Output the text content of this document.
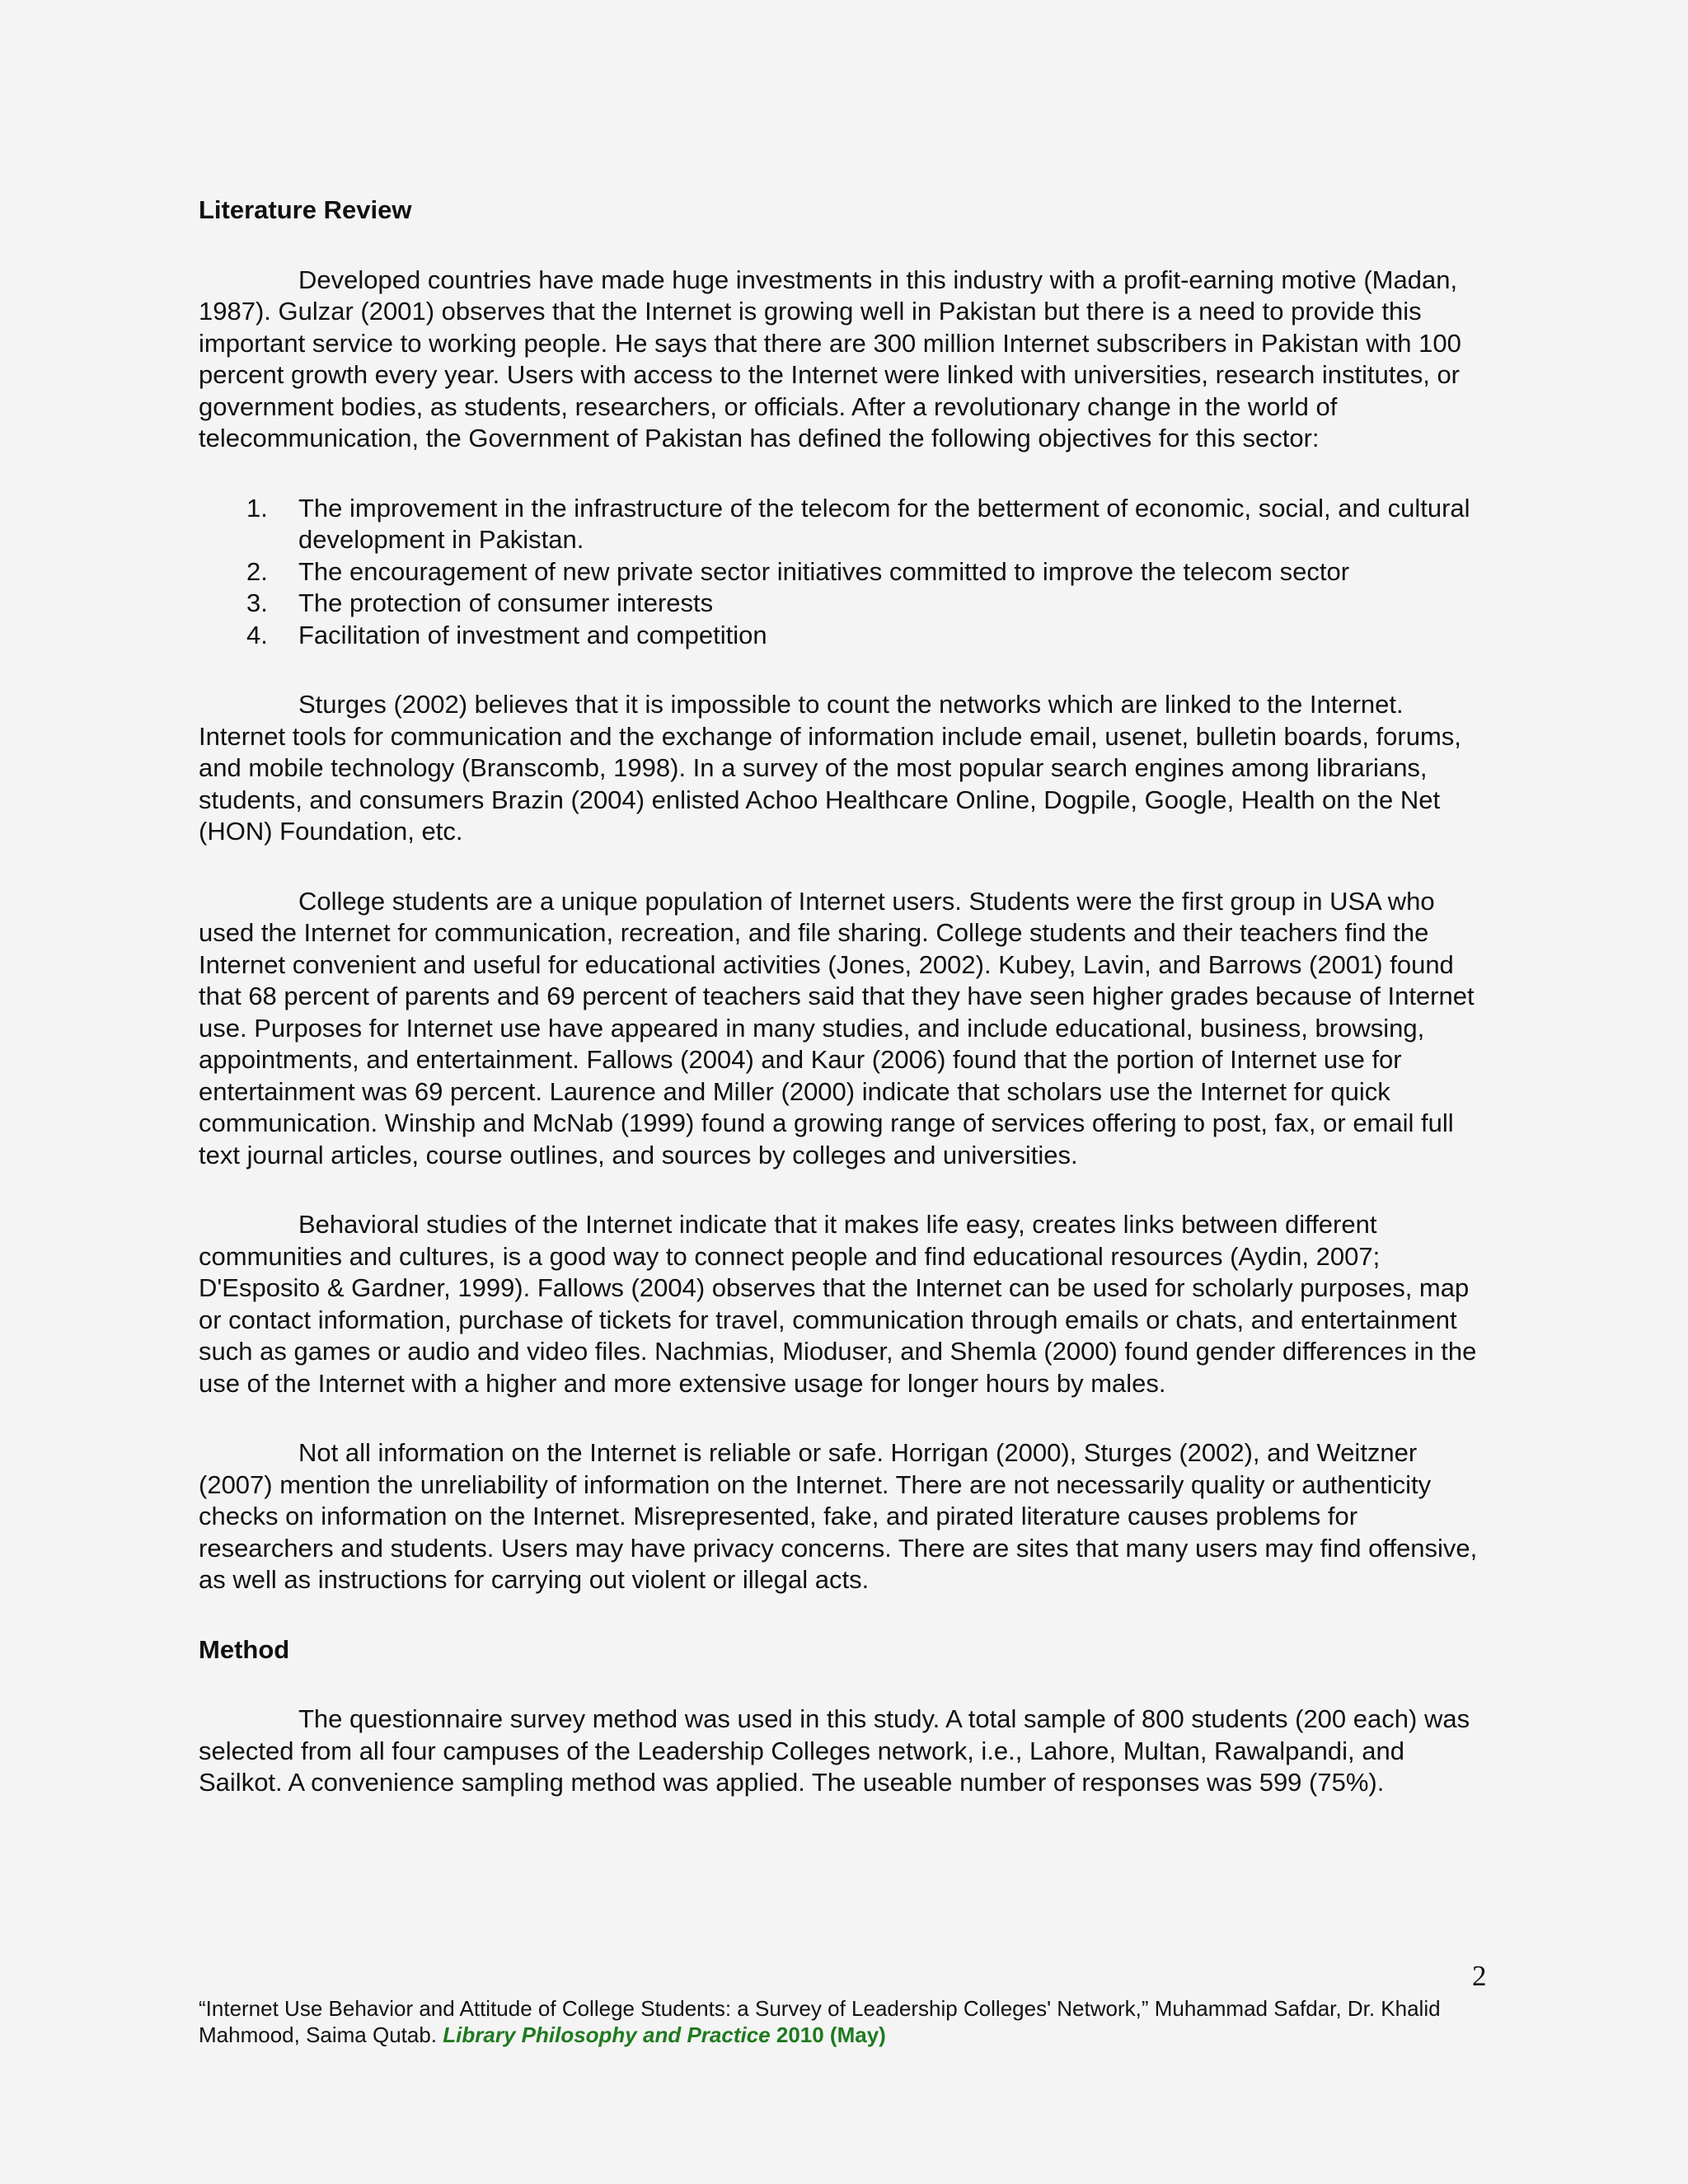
Literature Review

Developed countries have made huge investments in this industry with a profit-earning motive (Madan, 1987). Gulzar (2001) observes that the Internet is growing well in Pakistan but there is a need to provide this important service to working people. He says that there are 300 million Internet subscribers in Pakistan with 100 percent growth every year. Users with access to the Internet were linked with universities, research institutes, or government bodies, as students, researchers, or officials. After a revolutionary change in the world of telecommunication, the Government of Pakistan has defined the following objectives for this sector:

1. The improvement in the infrastructure of the telecom for the betterment of economic, social, and cultural development in Pakistan.
2. The encouragement of new private sector initiatives committed to improve the telecom sector
3. The protection of consumer interests
4. Facilitation of investment and competition

Sturges (2002) believes that it is impossible to count the networks which are linked to the Internet. Internet tools for communication and the exchange of information include email, usenet, bulletin boards, forums, and mobile technology (Branscomb, 1998). In a survey of the most popular search engines among librarians, students, and consumers Brazin (2004) enlisted Achoo Healthcare Online, Dogpile, Google, Health on the Net (HON) Foundation, etc.

College students are a unique population of Internet users. Students were the first group in USA who used the Internet for communication, recreation, and file sharing. College students and their teachers find the Internet convenient and useful for educational activities (Jones, 2002). Kubey, Lavin, and Barrows (2001) found that 68 percent of parents and 69 percent of teachers said that they have seen higher grades because of Internet use. Purposes for Internet use have appeared in many studies, and include educational, business, browsing, appointments, and entertainment. Fallows (2004) and Kaur (2006) found that the portion of Internet use for entertainment was 69 percent. Laurence and Miller (2000) indicate that scholars use the Internet for quick communication. Winship and McNab (1999) found a growing range of services offering to post, fax, or email full text journal articles, course outlines, and sources by colleges and universities.

Behavioral studies of the Internet indicate that it makes life easy, creates links between different communities and cultures, is a good way to connect people and find educational resources (Aydin, 2007; D'Esposito & Gardner, 1999). Fallows (2004) observes that the Internet can be used for scholarly purposes, map or contact information, purchase of tickets for travel, communication through emails or chats, and entertainment such as games or audio and video files. Nachmias, Mioduser, and Shemla (2000) found gender differences in the use of the Internet with a higher and more extensive usage for longer hours by males.

Not all information on the Internet is reliable or safe. Horrigan (2000), Sturges (2002), and Weitzner (2007) mention the unreliability of information on the Internet. There are not necessarily quality or authenticity checks on information on the Internet. Misrepresented, fake, and pirated literature causes problems for researchers and students. Users may have privacy concerns. There are sites that many users may find offensive, as well as instructions for carrying out violent or illegal acts.

Method

The questionnaire survey method was used in this study. A total sample of 800 students (200 each) was selected from all four campuses of the Leadership Colleges network, i.e., Lahore, Multan, Rawalpandi, and Sailkot. A convenience sampling method was applied. The useable number of responses was 599 (75%).

2
“Internet Use Behavior and Attitude of College Students: a Survey of Leadership Colleges' Network,” Muhammad Safdar, Dr. Khalid Mahmood, Saima Qutab. Library Philosophy and Practice 2010 (May)
